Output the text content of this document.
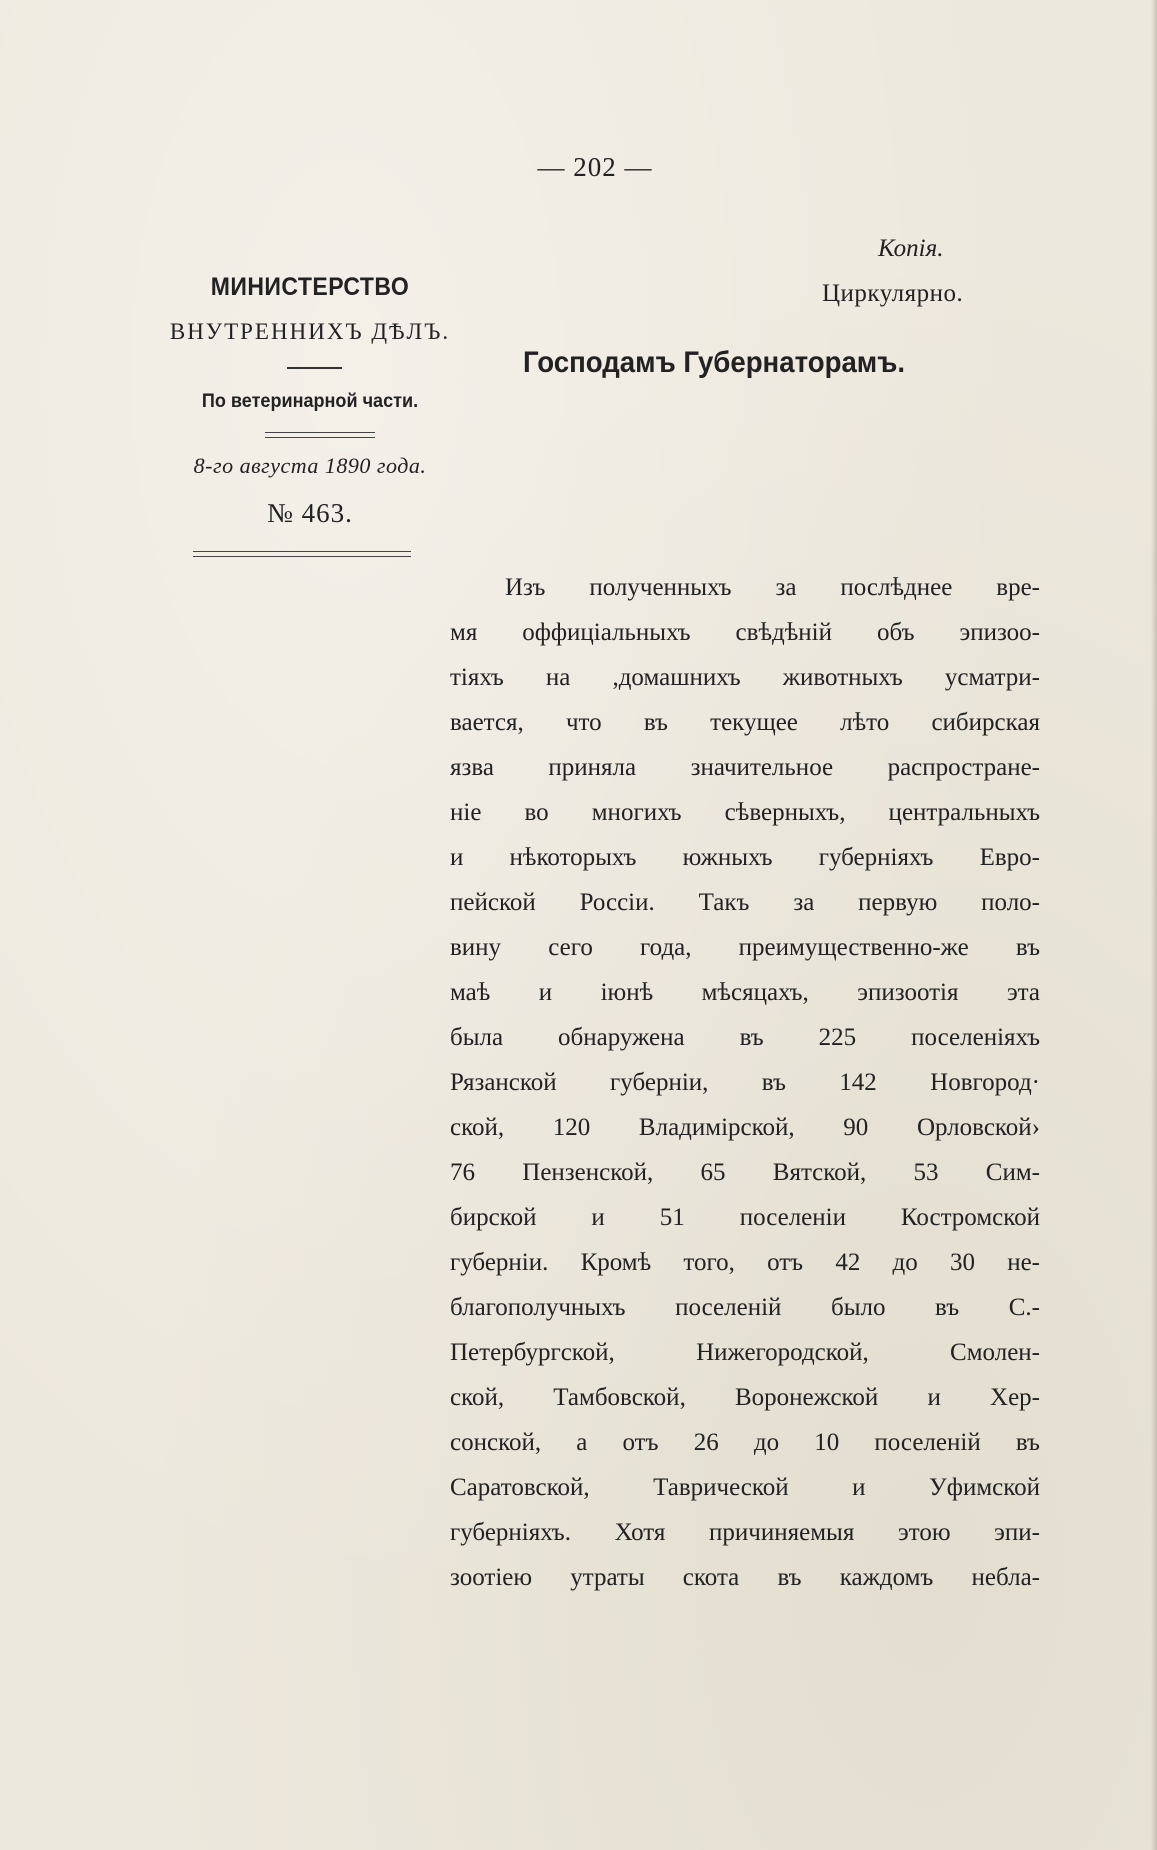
— 202 —
МИНИСТЕРСТВО
ВНУТРЕННИХЪ ДѢЛЪ.
По ветеринарной части.
8-го августа 1890 года.
№ 463.
Копія.
Циркулярно.
Господамъ Губернаторамъ.
Изъ полученныхъ за послѣднее вре-
мя оффиціальныхъ свѣдѣній объ эпизоо-
тіяхъ на ,домашнихъ животныхъ усматри-
вается, что въ текущее лѣто сибирская
язва приняла значительное распростране-
ніе во многихъ сѣверныхъ, центральныхъ
и нѣкоторыхъ южныхъ губерніяхъ Евро-
пейской Россіи. Такъ за первую поло-
вину сего года, преимущественно-же въ
маѣ и іюнѣ мѣсяцахъ, эпизоотія эта
была обнаружена въ 225 поселеніяхъ
Рязанской губерніи, въ 142 Новгород·
ской, 120 Владимірской, 90 Орловской›
76 Пензенской, 65 Вятской, 53 Сим-
бирской и 51 поселеніи Костромской
губерніи. Кромѣ того, отъ 42 до 30 не-
благополучныхъ поселеній было въ С.-
Петербургской, Нижегородской, Смолен-
ской, Тамбовской, Воронежской и Хер-
сонской, а отъ 26 до 10 поселеній въ
Саратовской, Таврической и Уфимской
губерніяхъ. Хотя причиняемыя этою эпи-
зоотіею утраты скота въ каждомъ небла-
